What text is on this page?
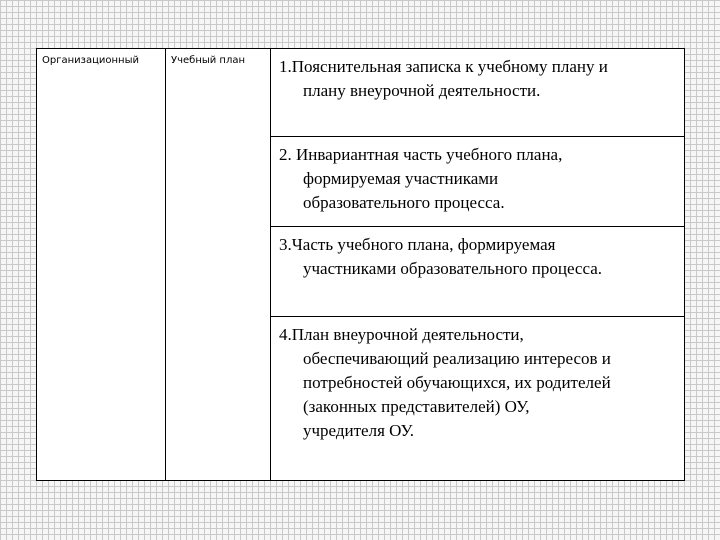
Организационный	Учебный план 1.Пояснительная записка к учебному плану и
плану внеурочной деятельности.
2. Инвариантная часть учебного плана,
формируемая участниками
образовательного процесса.
3.Часть учебного плана, формируемая
участниками образовательного процесса.
4.План внеурочной деятельности,
обеспечивающий реализацию интересов и
потребностей обучающихся, их родителей
(законных представителей) ОУ,
учредителя ОУ.
